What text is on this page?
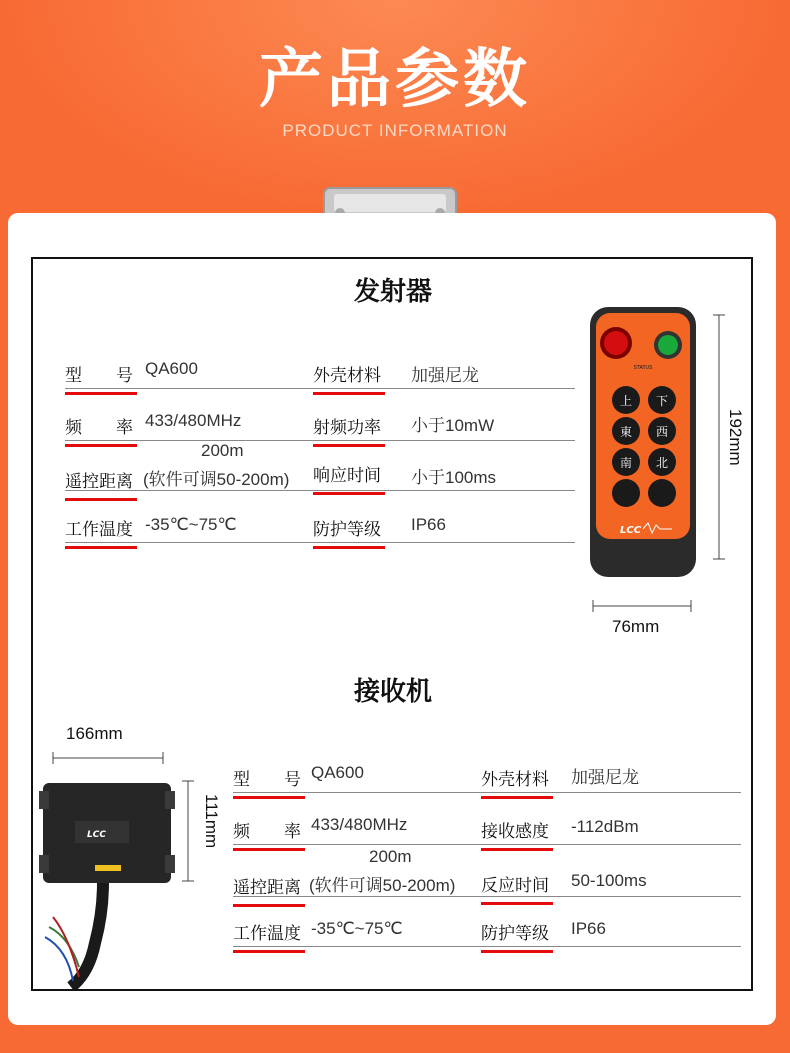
产品参数
PRODUCT INFORMATION
发射器
型　　号 QA600	外壳材料 加强尼龙
频　　率 433/480MHz	射频功率 小于10mW
200m
遥控距离 (软件可调50-200m) 响应时间 小于100ms
工作温度 -35℃~75℃	防护等级 IP66
STATUS
上 下
東 西
南 北
LCC
192mm
76mm
接收机
166mm
LCC	111mm
型　　号 QA600	外壳材料 加强尼龙
频　　率 433/480MHz	接收感度 -112dBm
200m
遥控距离 (软件可调50-200m) 反应时间 50-100ms
工作温度 -35℃~75℃	防护等级 IP66
